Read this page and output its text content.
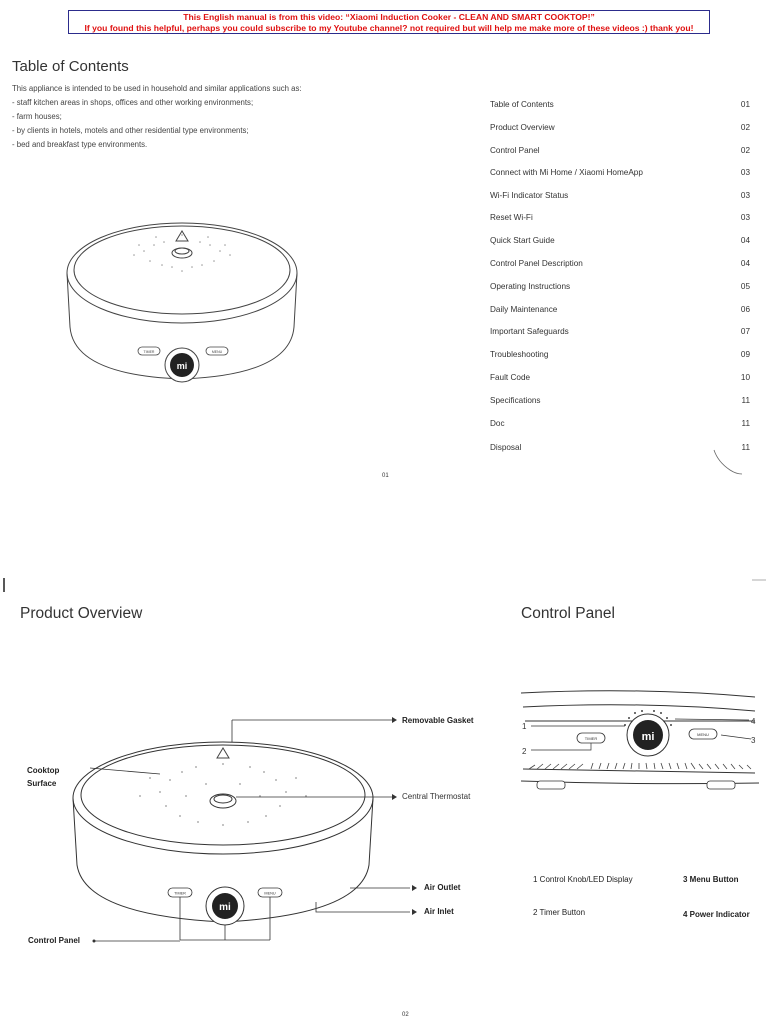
This English manual is from this video: “Xiaomi Induction Cooker - CLEAN AND SMART COOKTOP!”
If you found this helpful, perhaps you could subscribe to my Youtube channel? not required but will help me make more of these videos :) thank you!
Table of Contents
This appliance is intended to be used in household and similar applications such as:
- staff kitchen areas in shops, offices and other working environments;
- farm houses;
- by clients in hotels, motels and other residential type environments;
- bed and breakfast type environments.
mi
TIMER	MENU
Table of Contents	01
Product Overview	02
Control Panel	02
Connect with Mi Home / Xiaomi HomeApp	03
Wi-Fi Indicator Status	03
Reset Wi-Fi	03
Quick Start Guide	04
Control Panel Description	04
Operating Instructions	05
Daily Maintenance	06
Important Safeguards	07
Troubleshooting	09
Fault Code	10
Specifications	11
Doc	11
Disposal	11
01
Product Overview	Control Panel
mi
TIMER	MENU
Removable Gasket
Central Thermostat
Air Outlet
Air Inlet
Cooktop
Surface
Control Panel
mi
TIMER
MENU
1
2
3
4
1 Control Knob/LED Display	3 Menu Button
2 Timer Button	4 Power Indicator
02
